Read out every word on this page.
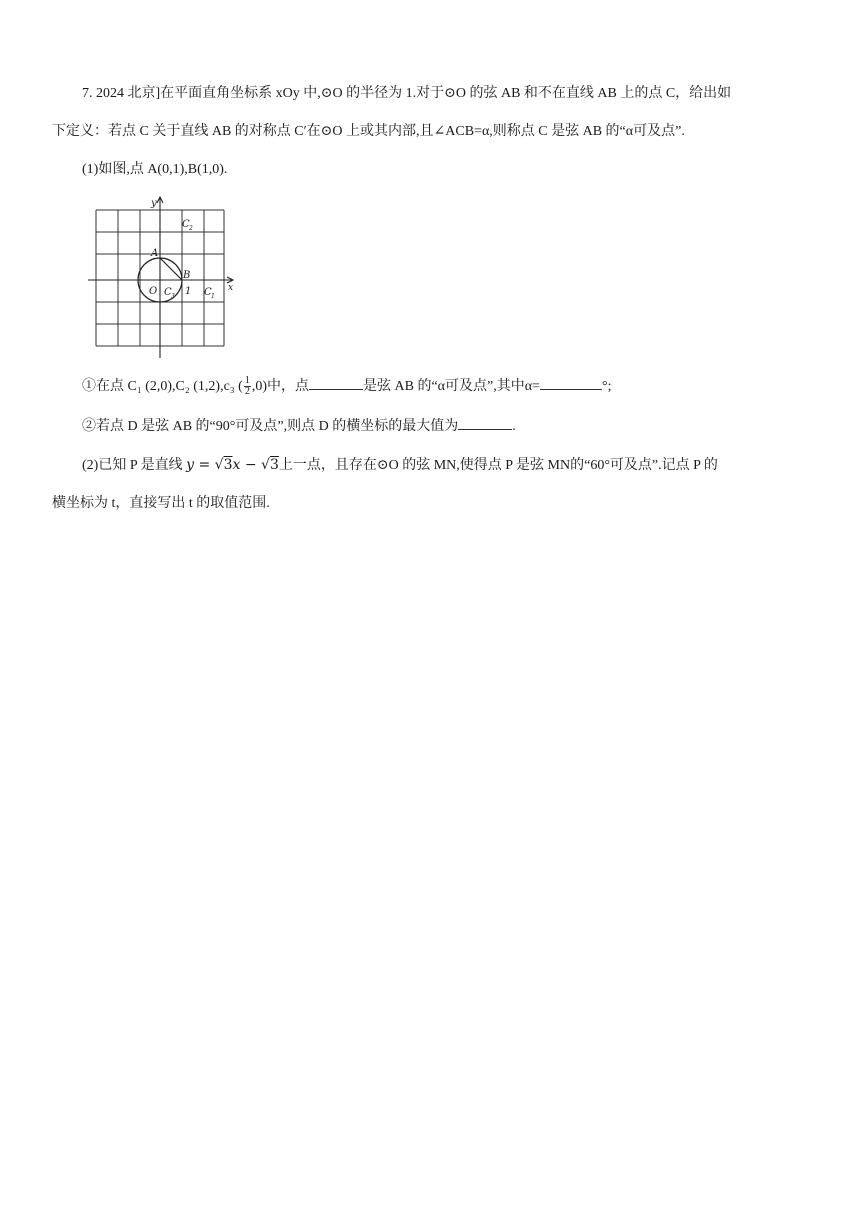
7. 2024 北京]在平面直角坐标系 xOy 中,⊙O 的半径为 1.对于⊙O 的弦 AB 和不在直线 AB 上的点 C，给出如
下定义：若点 C 关于直线 AB 的对称点 C′在⊙O 上或其内部,且∠ACB=α,则称点 C 是弦 AB 的“α可及点”.
(1)如图,点 A(0,1),B(1,0).
y
x
A
B
O	1 C 1
C 2
C 3
①在点 C₁ (2,0),C₂ (1,2),c₃ ( $\frac{1}{2} ,0$)中，点	是弦 AB 的“α可及点”,其中α=	°;
②若点 D 是弦 AB 的“90°可及点”,则点 D 的横坐标的最大值为	.
(2)已知 P 是直线 y = √3x − √3上一点，且存在⊙O 的弦 MN,使得点 P 是弦 MN的“60°可及点”.记点 P 的
横坐标为 t，直接写出 t 的取值范围.
